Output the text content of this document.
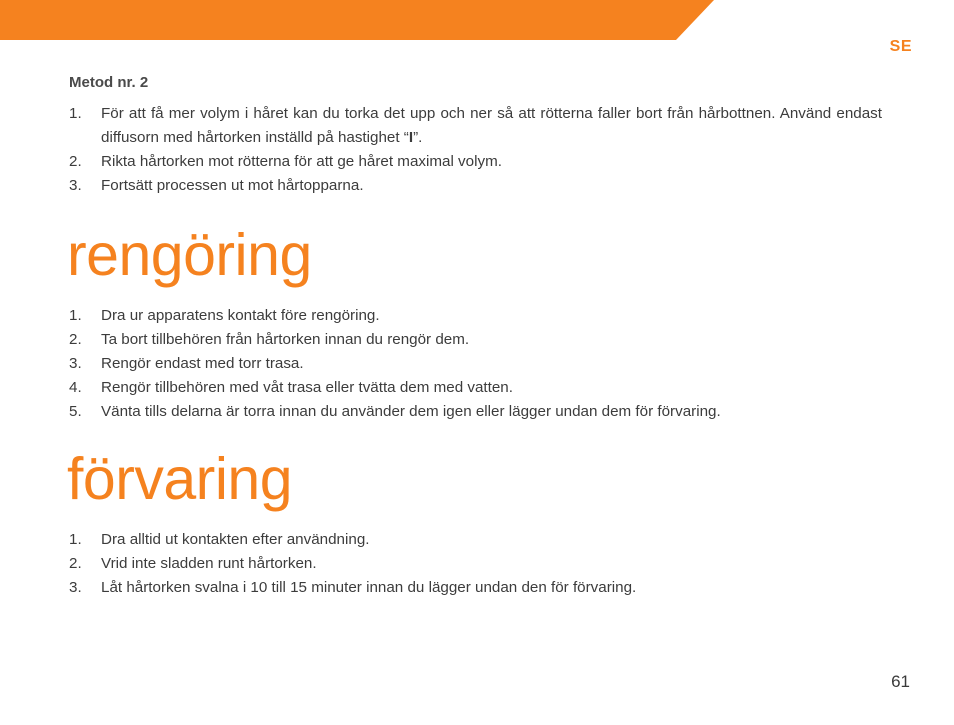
SE
Metod nr. 2
1. För att få mer volym i håret kan du torka det upp och ner så att rötterna faller bort från hårbottnen. Använd endast diffusorn med hårtorken inställd på hastighet “I”.
2. Rikta hårtorken mot rötterna för att ge håret maximal volym.
3. Fortsätt processen ut mot hårtopparna.
rengöring
1. Dra ur apparatens kontakt före rengöring.
2. Ta bort tillbehören från hårtorken innan du rengör dem.
3. Rengör endast med torr trasa.
4. Rengör tillbehören med våt trasa eller tvätta dem med vatten.
5. Vänta tills delarna är torra innan du använder dem igen eller lägger undan dem för förvaring.
förvaring
1. Dra alltid ut kontakten efter användning.
2. Vrid inte sladden runt hårtorken.
3. Låt hårtorken svalna i 10 till 15 minuter innan du lägger undan den för förvaring.
61
